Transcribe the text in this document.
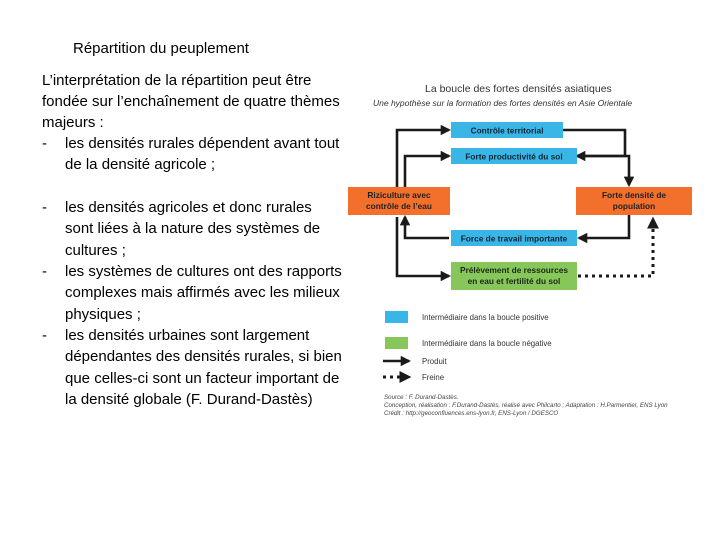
Répartition du peuplement
L’interprétation de la répartition peut être fondée sur l’enchaînement de quatre thèmes majeurs :
- les densités rurales dépendent avant tout de la densité agricole ;
- les densités agricoles et donc rurales sont liées à la nature des systèmes de cultures ;
- les systèmes de cultures ont des rapports complexes mais affirmés avec les milieux physiques ;
- les densités urbaines sont largement dépendantes des densités rurales, si bien que celles-ci sont un facteur important de la densité globale (F. Durand-Dastès)
La boucle des fortes densités asiatiques
Une hypothèse sur la formation des fortes densités en Asie Orientale
Contrôle territorial
Forte productivité du sol
Riziculture avec
contrôle de l’eau
Forte densité de
population
Force de travail importante
Prélèvement de ressources
en eau et fertilité du sol
Intermédiaire dans la boucle positive
Intermédiaire dans la boucle négative
Produit
Freine
Source : F. Durand-Dastès.
Conception, réalisation : F.Durand-Dastès, réalisé avec Philcarto ; Adaptation : H.Parmentier, ENS Lyon
Crédit : http://geoconfluences.ens-lyon.fr, ENS-Lyon / DGESCO
